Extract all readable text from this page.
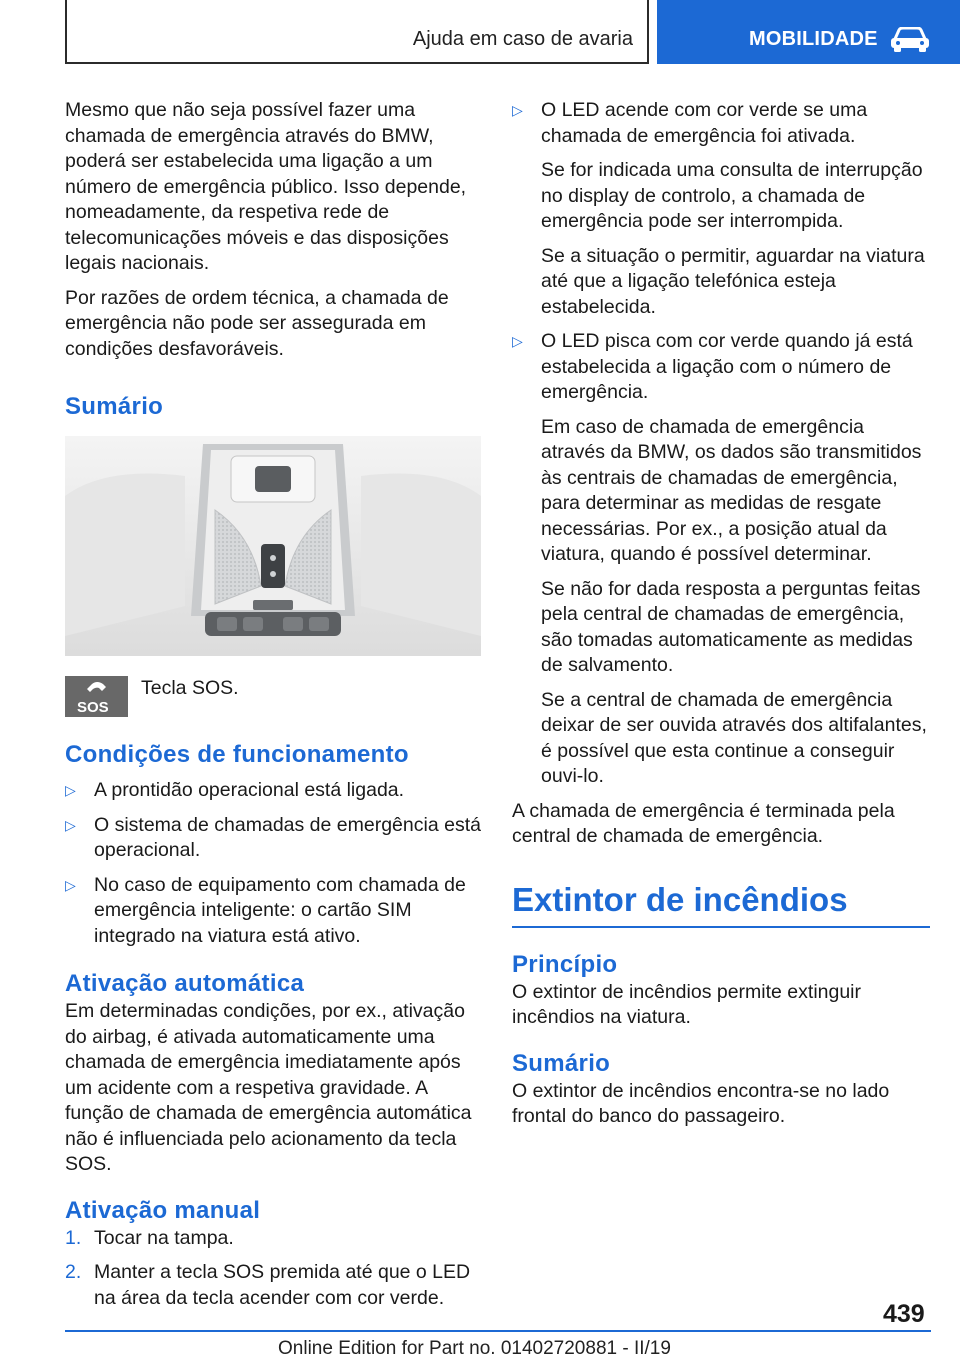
Ajuda em caso de avaria	MOBILIDADE

Mesmo que não seja possível fazer uma chamada de emergência através do BMW, poderá ser estabelecida uma ligação a um número de emergência público. Isso depende, nomeadamente, da respetiva rede de telecomunicações móveis e das disposições legais nacionais.

Por razões de ordem técnica, a chamada de emergência não pode ser assegurada em condições desfavoráveis.

Sumário
SOS
Tecla SOS.
Condições de funcionamento
▷ A prontidão operacional está ligada.
▷ O sistema de chamadas de emergência está operacional.
▷ No caso de equipamento com chamada de emergência inteligente: o cartão SIM integrado na viatura está ativo.
Ativação automática

Em determinadas condições, por ex., ativação do airbag, é ativada automaticamente uma chamada de emergência imediatamente após um acidente com a respetiva gravidade. A função de chamada de emergência automática não é influenciada pelo acionamento da tecla SOS.

Ativação manual
1. Tocar na tampa.
2. Manter a tecla SOS premida até que o LED na área da tecla acender com cor verde.
▷ O LED acende com cor verde se uma chamada de emergência foi ativada.

Se for indicada uma consulta de interrupção no display de controlo, a chamada de emergência pode ser interrompida.

Se a situação o permitir, aguardar na viatura até que a ligação telefónica esteja estabelecida.

▷ O LED pisca com cor verde quando já está estabelecida a ligação com o número de emergência.

Em caso de chamada de emergência através da BMW, os dados são transmitidos às centrais de chamadas de emergência, para determinar as medidas de resgate necessárias. Por ex., a posição atual da viatura, quando é possível determinar.

Se não for dada resposta a perguntas feitas pela central de chamadas de emergência, são tomadas automaticamente as medidas de salvamento.

Se a central de chamada de emergência deixar de ser ouvida através dos altifalantes, é possível que esta continue a conseguir ouvi-lo.

A chamada de emergência é terminada pela central de chamada de emergência.

Extintor de incêndios
Princípio

O extintor de incêndios permite extinguir incêndios na viatura.

Sumário

O extintor de incêndios encontra-se no lado frontal do banco do passageiro.

439
Online Edition for Part no. 01402720881 - II/19
